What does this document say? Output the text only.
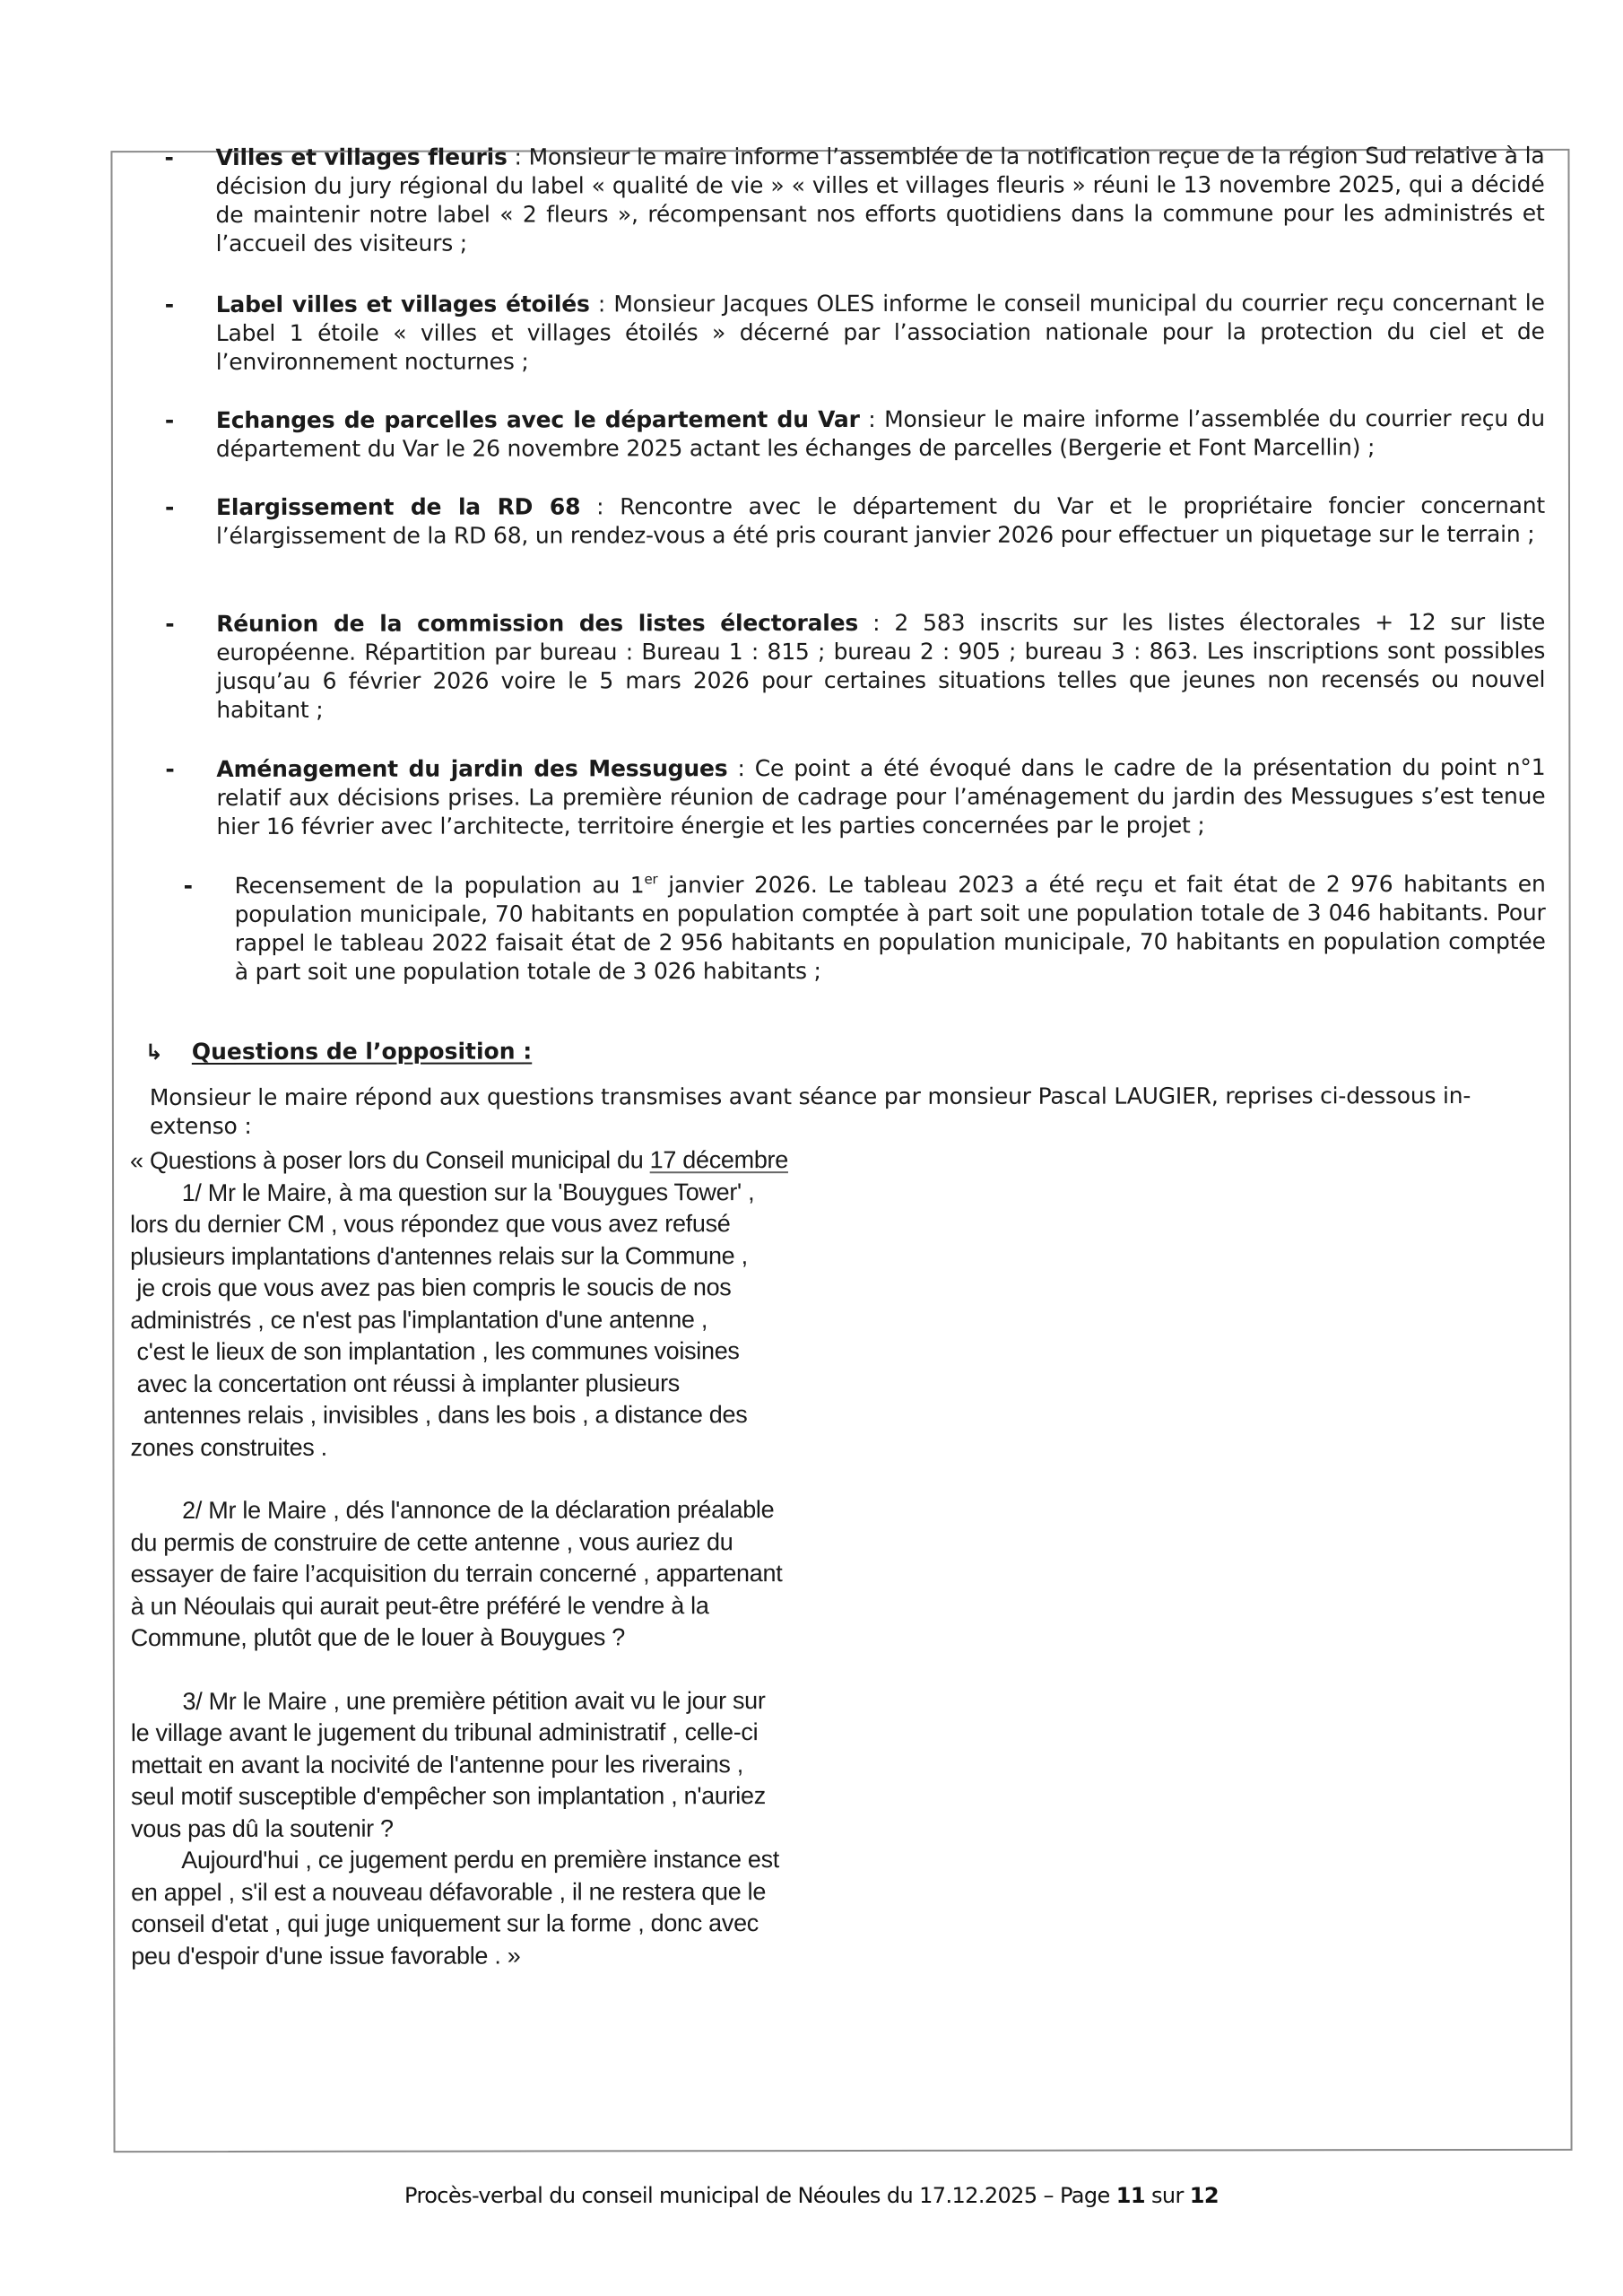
- Villes et villages fleuris : Monsieur le maire informe l’assemblée de la notification reçue de la région Sud relative à la décision du jury régional du label « qualité de vie » « villes et villages fleuris » réuni le 13 novembre 2025, qui a décidé de maintenir notre label « 2 fleurs », récompensant nos efforts quotidiens dans la commune pour les administrés et l’accueil des visiteurs ;
- Label villes et villages étoilés : Monsieur Jacques OLES informe le conseil municipal du courrier reçu concernant le Label 1 étoile « villes et villages étoilés » décerné par l’association nationale pour la protection du ciel et de l’environnement nocturnes ;
- Echanges de parcelles avec le département du Var : Monsieur le maire informe l’assemblée du courrier reçu du département du Var le 26 novembre 2025 actant les échanges de parcelles (Bergerie et Font Marcellin) ;
- Elargissement de la RD 68 : Rencontre avec le département du Var et le propriétaire foncier concernant l’élargissement de la RD 68, un rendez-vous a été pris courant janvier 2026 pour effectuer un piquetage sur le terrain ;
- Réunion de la commission des listes électorales : 2 583 inscrits sur les listes électorales + 12 sur liste européenne. Répartition par bureau : Bureau 1 : 815 ; bureau 2 : 905 ; bureau 3 : 863. Les inscriptions sont possibles jusqu’au 6 février 2026 voire le 5 mars 2026 pour certaines situations telles que jeunes non recensés ou nouvel habitant ;
- Aménagement du jardin des Messugues : Ce point a été évoqué dans le cadre de la présentation du point n°1 relatif aux décisions prises. La première réunion de cadrage pour l’aménagement du jardin des Messugues s’est tenue hier 16 février avec l’architecte, territoire énergie et les parties concernées par le projet ;
- Recensement de la population au 1er janvier 2026. Le tableau 2023 a été reçu et fait état de 2 976 habitants en population municipale, 70 habitants en population comptée à part soit une population totale de 3 046 habitants. Pour rappel le tableau 2022 faisait état de 2 956 habitants en population municipale, 70 habitants en population comptée à part soit une population totale de 3 026 habitants ;
↳ Questions de l’opposition :
Monsieur le maire répond aux questions transmises avant séance par monsieur Pascal LAUGIER, reprises ci-dessous in-extenso :

« Questions à poser lors du Conseil municipal du 17 décembre

1/ Mr le Maire, à ma question sur la 'Bouygues Tower' ,

lors du dernier CM , vous répondez que vous avez refusé

plusieurs implantations d'antennes relais sur la Commune ,

je crois que vous avez pas bien compris le soucis de nos

administrés , ce n'est pas l'implantation d'une antenne ,

c'est le lieux de son implantation , les communes voisines

avec la concertation ont réussi à implanter plusieurs

antennes relais , invisibles , dans les bois , a distance des

zones construites .

2/ Mr le Maire , dés l'annonce de la déclaration préalable

du permis de construire de cette antenne , vous auriez du

essayer de faire l’acquisition du terrain concerné , appartenant

à un Néoulais qui aurait peut-être préféré le vendre à la

Commune, plutôt que de le louer à Bouygues ?

3/ Mr le Maire , une première pétition avait vu le jour sur

le village avant le jugement du tribunal administratif , celle-ci

mettait en avant la nocivité de l'antenne pour les riverains ,

seul motif susceptible d'empêcher son implantation , n'auriez

vous pas dû la soutenir ?

Aujourd'hui , ce jugement perdu en première instance est

en appel , s'il est a nouveau défavorable , il ne restera que le

conseil d'etat , qui juge uniquement sur la forme , donc avec

peu d'espoir d'une issue favorable . »

Procès-verbal du conseil municipal de Néoules du 17.12.2025 – Page 11 sur 12
